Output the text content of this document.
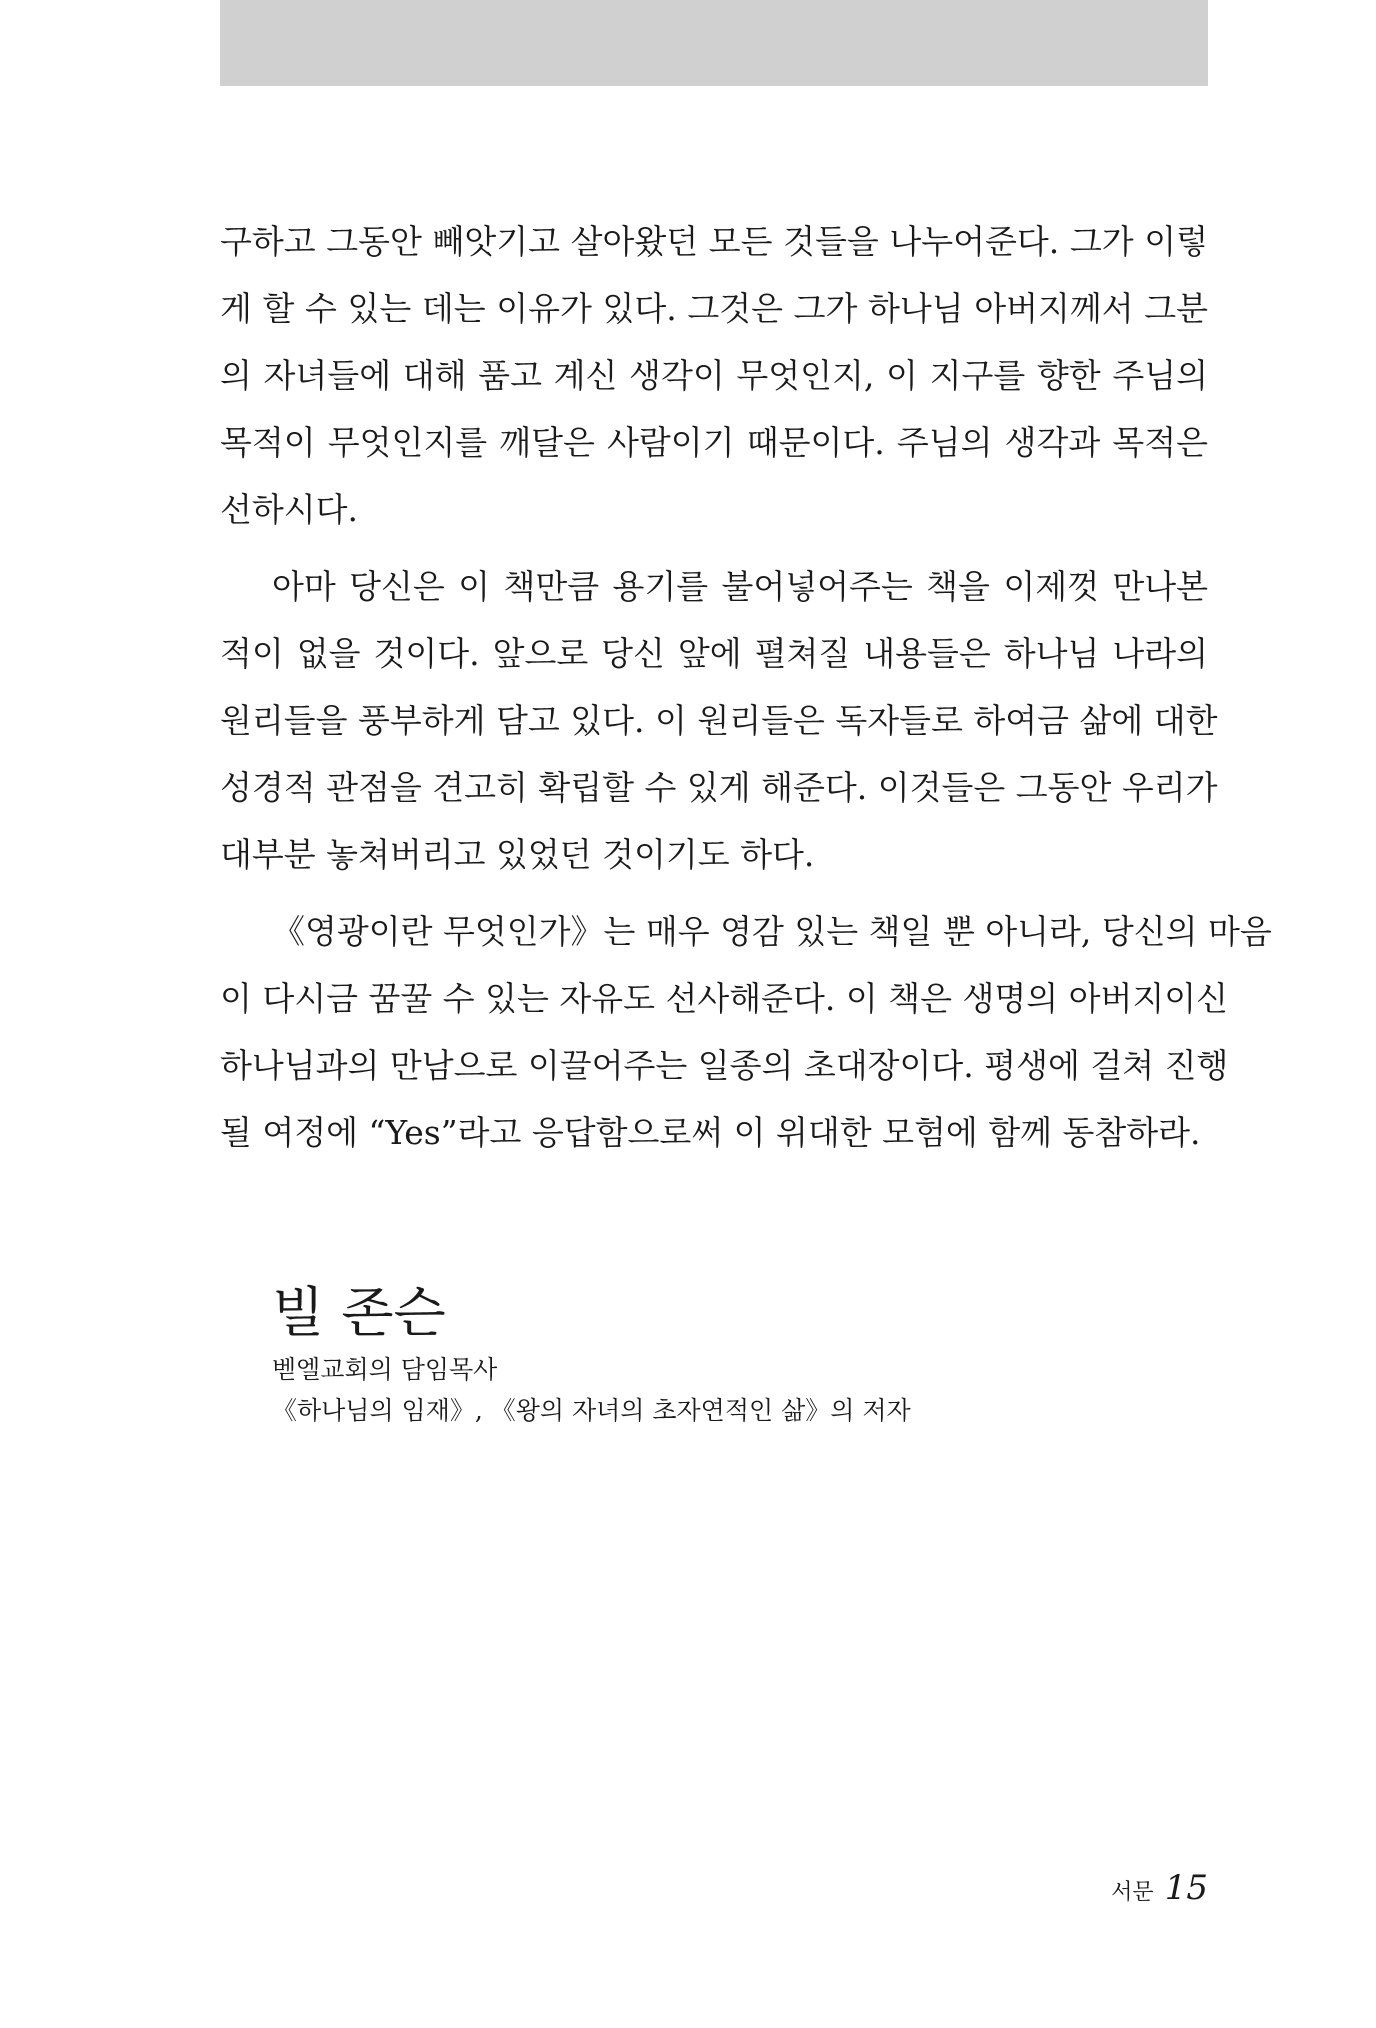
구하고 그동안 빼앗기고 살아왔던 모든 것들을 나누어준다. 그가 이렇
게 할 수 있는 데는 이유가 있다. 그것은 그가 하나님 아버지께서 그분
의 자녀들에 대해 품고 계신 생각이 무엇인지, 이 지구를 향한 주님의
목적이 무엇인지를 깨달은 사람이기 때문이다. 주님의 생각과 목적은
선하시다.
아마 당신은 이 책만큼 용기를 불어넣어주는 책을 이제껏 만나본
적이 없을 것이다. 앞으로 당신 앞에 펼쳐질 내용들은 하나님 나라의
원리들을 풍부하게 담고 있다. 이 원리들은 독자들로 하여금 삶에 대한
성경적 관점을 견고히 확립할 수 있게 해준다. 이것들은 그동안 우리가
대부분 놓쳐버리고 있었던 것이기도 하다.
《영광이란 무엇인가》는 매우 영감 있는 책일 뿐 아니라, 당신의 마음
이 다시금 꿈꿀 수 있는 자유도 선사해준다. 이 책은 생명의 아버지이신
하나님과의 만남으로 이끌어주는 일종의 초대장이다. 평생에 걸쳐 진행
될 여정에 “Yes”라고 응답함으로써 이 위대한 모험에 함께 동참하라.
빌 존슨
벧엘교회의 담임목사
《하나님의 임재》, 《왕의 자녀의 초자연적인 삶》의 저자
서문 15
